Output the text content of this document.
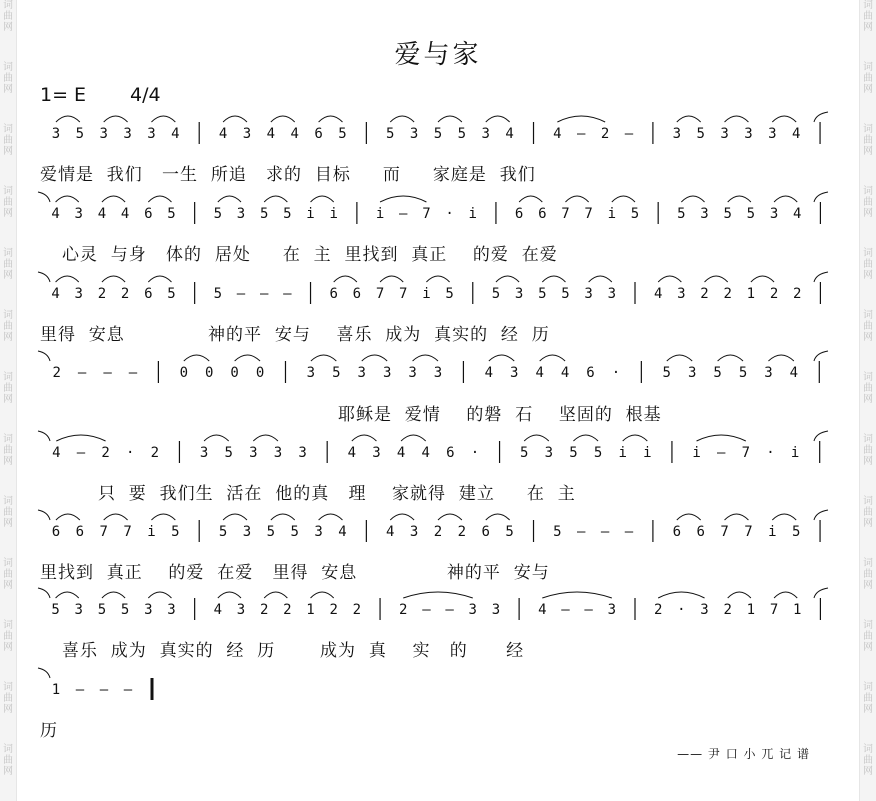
词
曲
网
词
曲
网
词
曲
网
词
曲
网
词
曲
网
词
曲
网
词
曲
网
词
曲
网
词
曲
网
词
曲
网
词
曲
网
词
曲
网
词
曲
网
词
曲
网
词
曲
网
词
曲
网
词
曲
网
词
曲
网
词
曲
网
词
曲
网
词
曲
网
词
曲
网
词
曲
网
词
曲
网
词
曲
网
词
曲
网
爱与家
1= E 4/4
3 5 3 3 3 4	4 3 4 4 6 5	5 3 5 5 3 4	4 – 2 –	3 5 3 3 3 4
4 3 4 4 6 5	5 3 5 5 i i	i – 7 · i	6 6 7 7 i 5	5 3 5 5 3 4
4 3 2 2 6 5	5 – – –	6 6 7 7 i 5	5 3 5 5 3 3	4 3 2 2 1 2 2
2 – – –	0 0 0 0	3 5 3 3 3 3	4 3 4 4 6 ·	5 3 5 5 3 4
4 – 2 · 2	3 5 3 3 3	4 3 4 4 6 ·	5 3 5 5 i i	i – 7 · i
6 6 7 7 i 5	5 3 5 5 3 4	4 3 2 2 6 5	5 – – –	6 6 7 7 i 5
5 3 5 5 3 3	4 3 2 2 1 2 2	2 – – 3 3	4 – – 3	2 · 3 2 1 7 1
1 – – –
爱情是  我们   一生  所追   求的  目标     而     家庭是  我们
心灵  与身   体的  居处     在  主  里找到  真正    的爱  在爱
里得  安息             神的平  安与    喜乐  成为  真实的  经  历
耶稣是  爱情    的磐  石    坚固的  根基
只  要  我们生  活在  他的真   理    家就得  建立     在  主
里找到  真正    的爱  在爱   里得  安息              神的平  安与
喜乐  成为  真实的  经  历       成为  真    实   的      经
历
—— 尹 口 小 兀 记 谱
